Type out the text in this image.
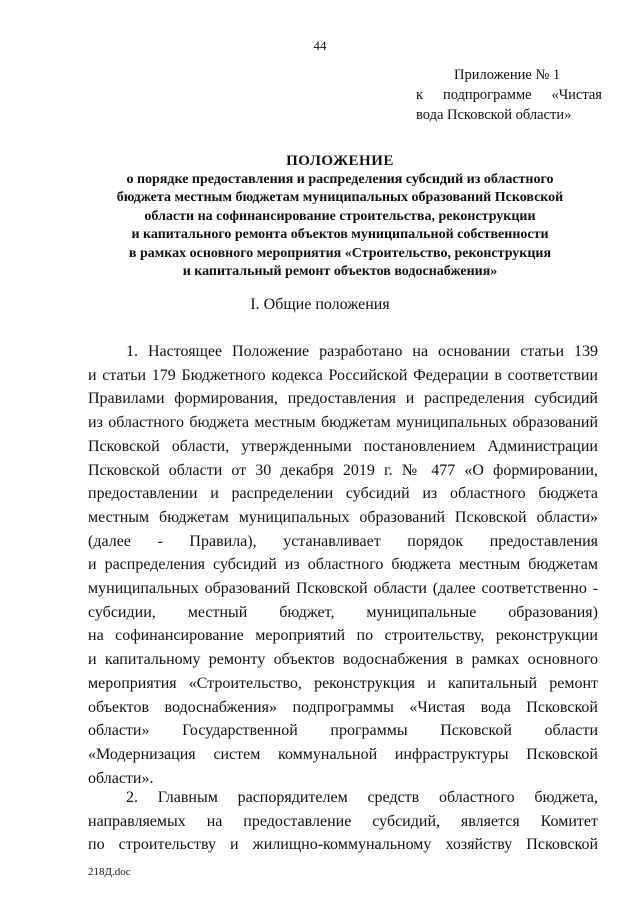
44
Приложение № 1
к подпрограмме «Чистая
вода Псковской области»
ПОЛОЖЕНИЕ
о порядке предоставления и распределения субсидий из областного
бюджета местным бюджетам муниципальных образований Псковской
области на софинансирование строительства, реконструкции
и капитального ремонта объектов муниципальной собственности
в рамках основного мероприятия «Строительство, реконструкция
и капитальный ремонт объектов водоснабжения»
I. Общие положения
1. Настоящее Положение разработано на основании статьи 139
и статьи 179 Бюджетного кодекса Российской Федерации в соответствии
Правилами формирования, предоставления и распределения субсидий
из областного бюджета местным бюджетам муниципальных образований
Псковской области, утвержденными постановлением Администрации
Псковской области от 30 декабря 2019 г. № 477 «О формировании,
предоставлении и распределении субсидий из областного бюджета
местным бюджетам муниципальных образований Псковской области»
(далее - Правила), устанавливает порядок предоставления
и распределения субсидий из областного бюджета местным бюджетам
муниципальных образований Псковской области (далее соответственно -
субсидии, местный бюджет, муниципальные образования)
на софинансирование мероприятий по строительству, реконструкции
и капитальному ремонту объектов водоснабжения в рамках основного
мероприятия «Строительство, реконструкция и капитальный ремонт
объектов водоснабжения» подпрограммы «Чистая вода Псковской
области» Государственной программы Псковской области
«Модернизация систем коммунальной инфраструктуры Псковской
области».
2. Главным распорядителем средств областного бюджета,
направляемых на предоставление субсидий, является Комитет
по строительству и жилищно-коммунальному хозяйству Псковской
218Д.doc
